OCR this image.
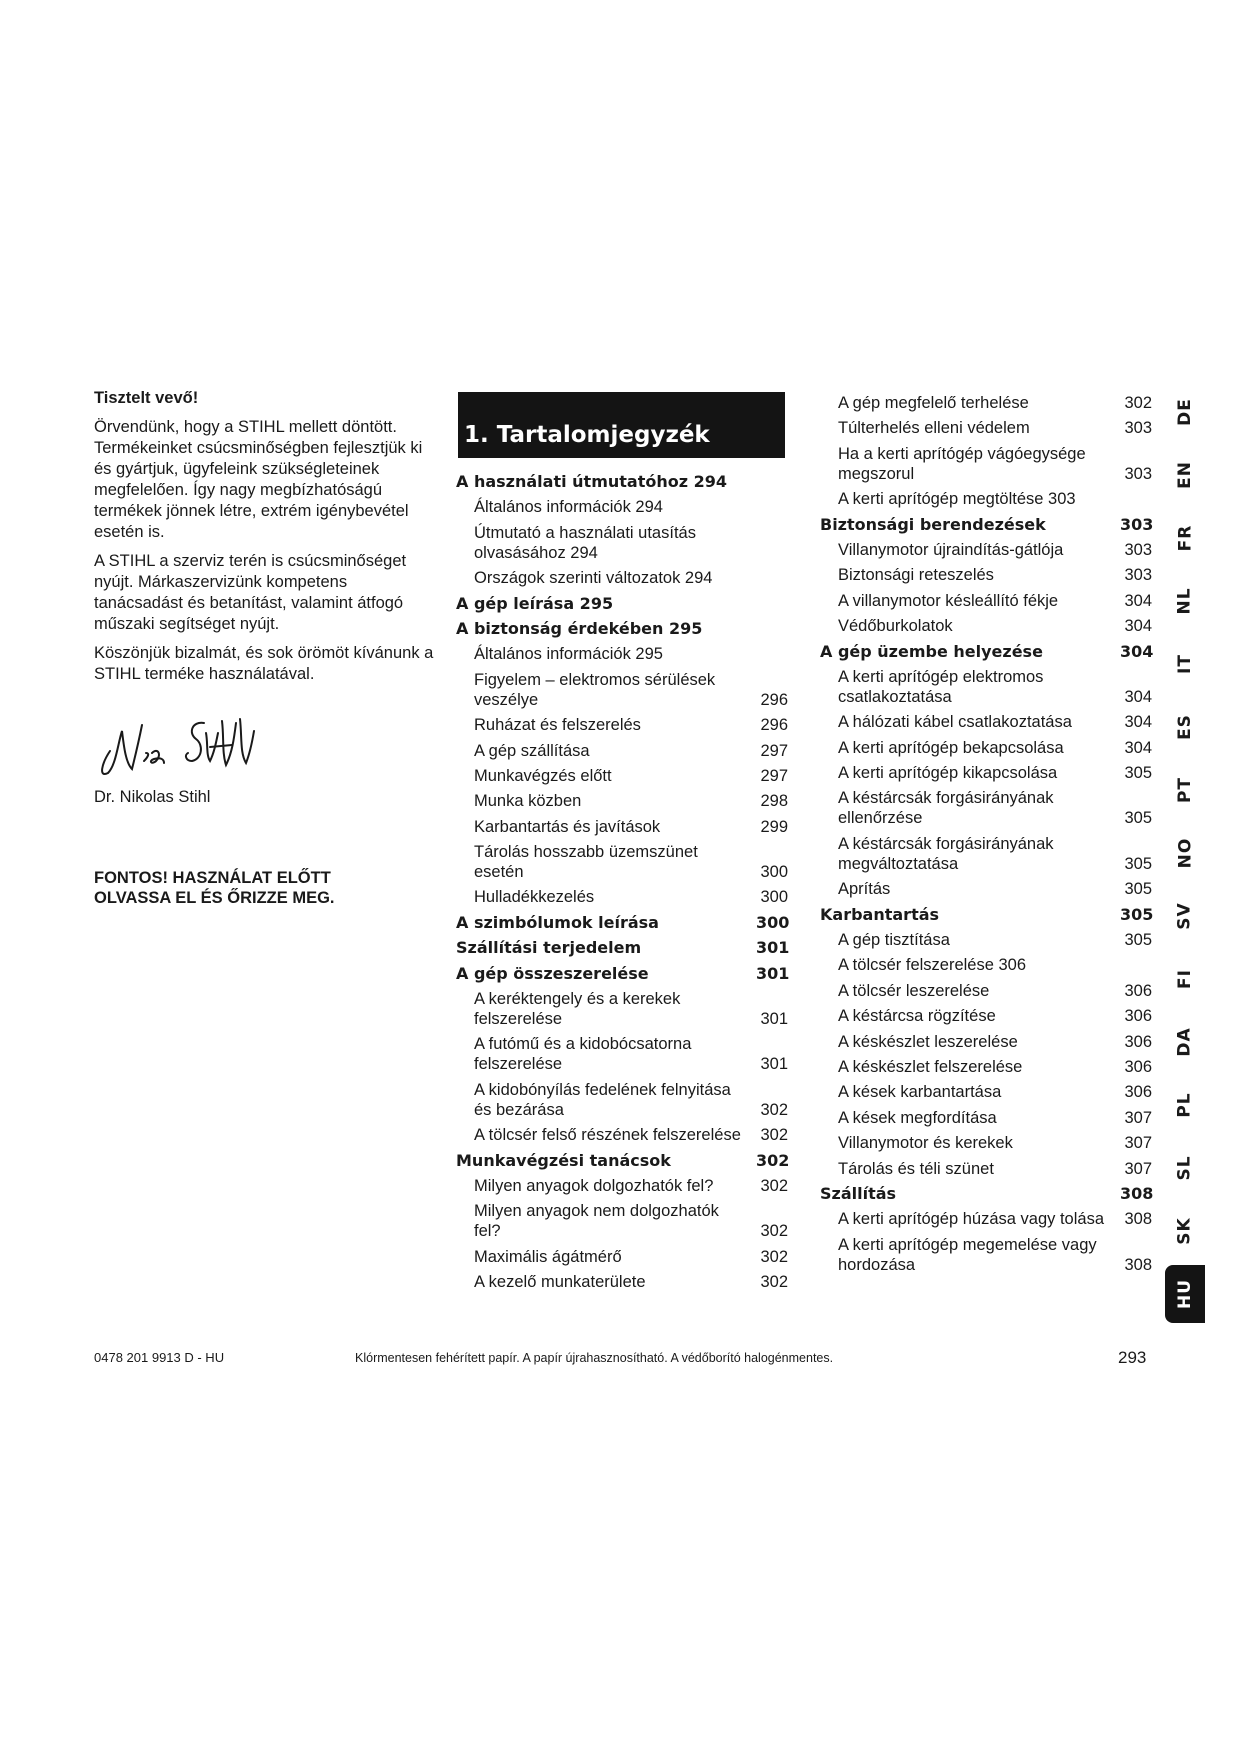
Tisztelt vevő!

Örvendünk, hogy a STIHL mellett döntött. Termékeinket csúcsminőségben fejlesztjük ki és gyártjuk, ügyfeleink szükségleteinek megfelelően. Így nagy megbízhatóságú termékek jönnek létre, extrém igénybevétel esetén is.

A STIHL a szerviz terén is csúcsminőséget nyújt. Márkaszervizünk kompetens tanácsadást és betanítást, valamint átfogó műszaki segítséget nyújt.

Köszönjük bizalmát, és sok örömöt kívánunk a STIHL terméke használatával.

Dr. Nikolas Stihl

FONTOS! HASZNÁLAT ELŐTT OLVASSA EL ÉS ŐRIZZE MEG.
1. Tartalomjegyzék
A használati útmutatóhoz 294
Általános információk 294
Útmutató a használati utasítás olvasásához 294
Országok szerinti változatok 294
A gép leírása 295
A biztonság érdekében 295
Általános információk 295
Figyelem – elektromos sérülések veszélye	296
Ruházat és felszerelés	296
A gép szállítása	297
Munkavégzés előtt	297
Munka közben	298
Karbantartás és javítások	299
Tárolás hosszabb üzemszünet esetén	300
Hulladékkezelés	300
A szimbólumok leírása	300
Szállítási terjedelem	301
A gép összeszerelése	301
A keréktengely és a kerekek felszerelése	301
A futómű és a kidobócsatorna felszerelése	301
A kidobónyílás fedelének felnyitása és bezárása	302
A tölcsér felső részének felszerelése	302
Munkavégzési tanácsok	302
Milyen anyagok dolgozhatók fel?	302
Milyen anyagok nem dolgozhatók fel?	302
Maximális ágátmérő	302
A kezelő munkaterülete	302
A gép megfelelő terhelése	302
Túlterhelés elleni védelem	303
Ha a kerti aprítógép vágóegysége megszorul	303
A kerti aprítógép megtöltése 303
Biztonsági berendezések	303
Villanymotor újraindítás-gátlója	303
Biztonsági reteszelés	303
A villanymotor késleállító fékje	304
Védőburkolatok	304
A gép üzembe helyezése	304
A kerti aprítógép elektromos csatlakoztatása	304
A hálózati kábel csatlakoztatása	304
A kerti aprítógép bekapcsolása	304
A kerti aprítógép kikapcsolása	305
A késtárcsák forgásirányának ellenőrzése	305
A késtárcsák forgásirányának megváltoztatása	305
Aprítás	305
Karbantartás	305
A gép tisztítása	305
A tölcsér felszerelése 306
A tölcsér leszerelése	306
A késtárcsa rögzítése	306
A késkészlet leszerelése	306
A késkészlet felszerelése	306
A kések karbantartása	306
A kések megfordítása	307
Villanymotor és kerekek	307
Tárolás és téli szünet	307
Szállítás	308
A kerti aprítógép húzása vagy tolása	308
A kerti aprítógép megemelése vagy hordozása	308
DE
EN
FR
NL
IT
ES
PT
NO
SV
FI
DA
PL
SL
SK
HU
0478 201 9913 D - HU	Klórmentesen fehérített papír. A papír újrahasznosítható. A védőborító halogénmentes.	293
